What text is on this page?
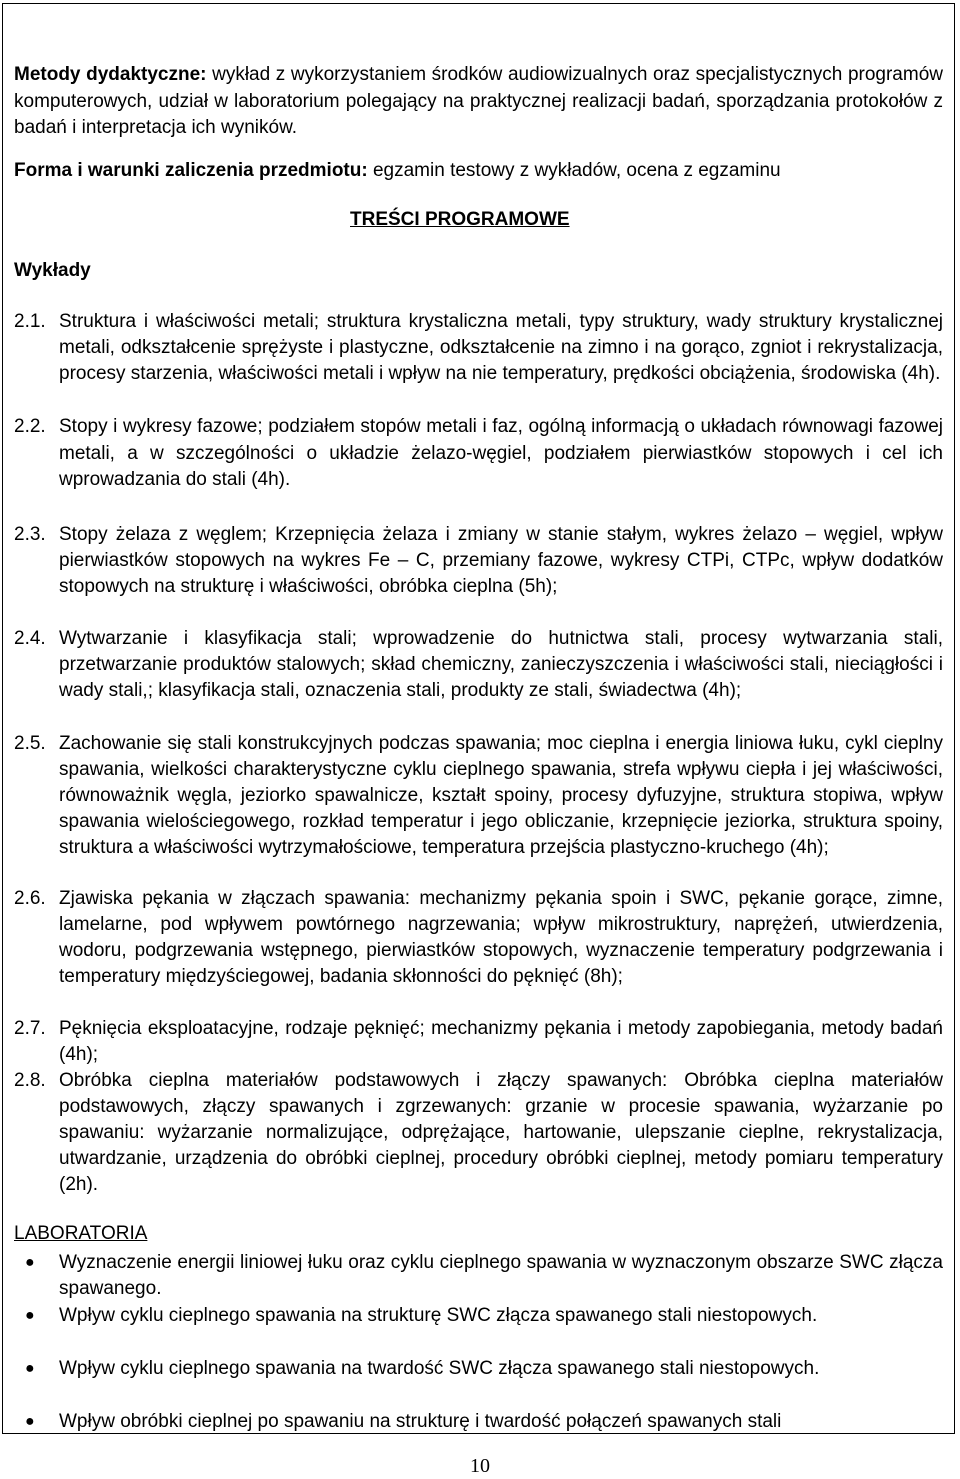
Metody dydaktyczne: wykład z wykorzystaniem środków audiowizualnych oraz specjalistycznych programów komputerowych, udział w laboratorium polegający na praktycznej realizacji badań, sporządzania protokołów z badań i interpretacja ich wyników.
Forma i warunki zaliczenia przedmiotu: egzamin testowy z wykładów, ocena z egzaminu
TREŚCI PROGRAMOWE
Wykłady
2.1. Struktura i właściwości metali; struktura krystaliczna metali, typy struktury, wady struktury krystalicznej metali, odkształcenie sprężyste i plastyczne, odkształcenie na zimno i na gorąco, zgniot i rekrystalizacja, procesy starzenia, właściwości metali i wpływ na nie temperatury, prędkości obciążenia, środowiska (4h).
2.2. Stopy i wykresy fazowe; podziałem stopów metali i faz, ogólną informacją o układach równowagi fazowej metali, a w szczególności o układzie żelazo-węgiel, podziałem pierwiastków stopowych i cel ich wprowadzania do stali (4h).
2.3. Stopy żelaza z węglem; Krzepnięcia żelaza i zmiany w stanie stałym, wykres żelazo – węgiel, wpływ pierwiastków stopowych na wykres Fe – C, przemiany fazowe, wykresy CTPi, CTPc, wpływ dodatków stopowych na strukturę i właściwości, obróbka cieplna (5h);
2.4. Wytwarzanie i klasyfikacja stali; wprowadzenie do hutnictwa stali, procesy wytwarzania stali, przetwarzanie produktów stalowych; skład chemiczny, zanieczyszczenia i właściwości stali, nieciągłości i wady stali,; klasyfikacja stali, oznaczenia stali, produkty ze stali, świadectwa (4h);
2.5. Zachowanie się stali konstrukcyjnych podczas spawania; moc cieplna i energia liniowa łuku, cykl cieplny spawania, wielkości charakterystyczne cyklu cieplnego spawania, strefa wpływu ciepła i jej właściwości, równoważnik węgla, jeziorko spawalnicze, kształt spoiny, procesy dyfuzyjne, struktura stopiwa, wpływ spawania wielościegowego, rozkład temperatur i jego obliczanie, krzepnięcie jeziorka, struktura spoiny, struktura a właściwości wytrzymałościowe, temperatura przejścia plastyczno-kruchego (4h);
2.6. Zjawiska pękania w złączach spawania: mechanizmy pękania spoin i SWC, pękanie gorące, zimne, lamelarne, pod wpływem powtórnego nagrzewania; wpływ mikrostruktury, naprężeń, utwierdzenia, wodoru, podgrzewania wstępnego, pierwiastków stopowych, wyznaczenie temperatury podgrzewania i temperatury międzyściegowej, badania skłonności do pęknięć (8h);
2.7. Pęknięcia eksploatacyjne, rodzaje pęknięć; mechanizmy pękania i metody zapobiegania, metody badań (4h);
2.8. Obróbka cieplna materiałów podstawowych i złączy spawanych: Obróbka cieplna materiałów podstawowych, złączy spawanych i zgrzewanych: grzanie w procesie spawania, wyżarzanie po spawaniu: wyżarzanie normalizujące, odprężające, hartowanie, ulepszanie cieplne, rekrystalizacja, utwardzanie, urządzenia do obróbki cieplnej, procedury obróbki cieplnej, metody pomiaru temperatury (2h).
LABORATORIA
● Wyznaczenie energii liniowej łuku oraz cyklu cieplnego spawania w wyznaczonym obszarze SWC złącza spawanego.
● Wpływ cyklu cieplnego spawania na strukturę SWC złącza spawanego stali niestopowych.
● Wpływ cyklu cieplnego spawania na twardość SWC złącza spawanego stali niestopowych.
● Wpływ obróbki cieplnej po spawaniu na strukturę i twardość połączeń spawanych stali
10
